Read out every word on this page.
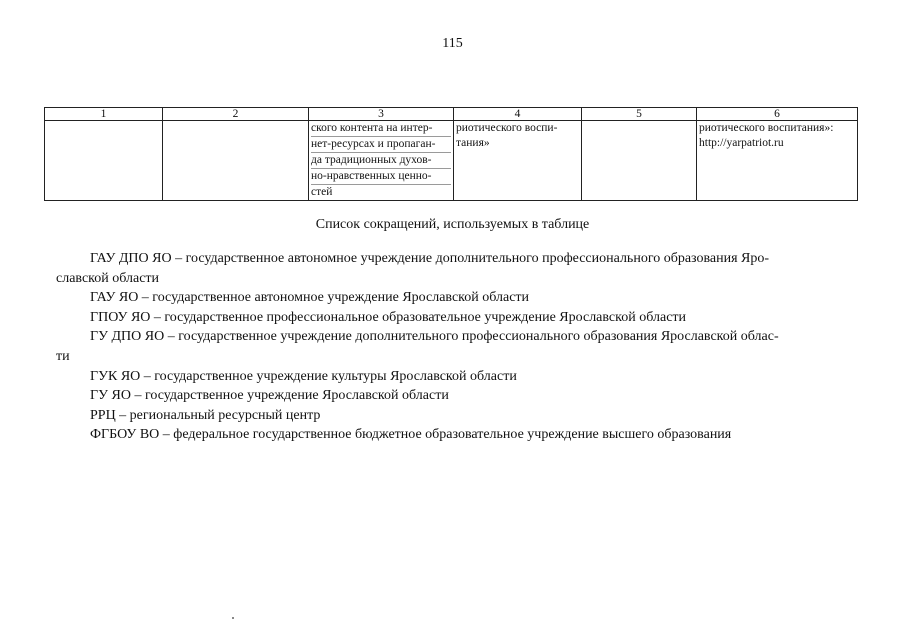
115
1	2	3	4	5	6

		ского контента на интер-
нет-ресурсах и пропаган-
да традиционных духов-
но-нравственных ценно-
стей	риотического воспи-
тания»		риотического воспитания»:
http://yarpatriot.ru
Список сокращений, используемых в таблице
ГАУ ДПО ЯО – государственное автономное учреждение дополнительного профессионального образования Яро-
славской области
ГАУ ЯО – государственное автономное учреждение Ярославской области
ГПОУ ЯО – государственное профессиональное образовательное учреждение Ярославской области
ГУ ДПО ЯО – государственное учреждение дополнительного профессионального образования Ярославской облас-
ти
ГУК ЯО – государственное учреждение культуры Ярославской области
ГУ ЯО – государственное учреждение Ярославской области
РРЦ – региональный ресурсный центр
ФГБОУ ВО – федеральное государственное бюджетное образовательное учреждение высшего образования
